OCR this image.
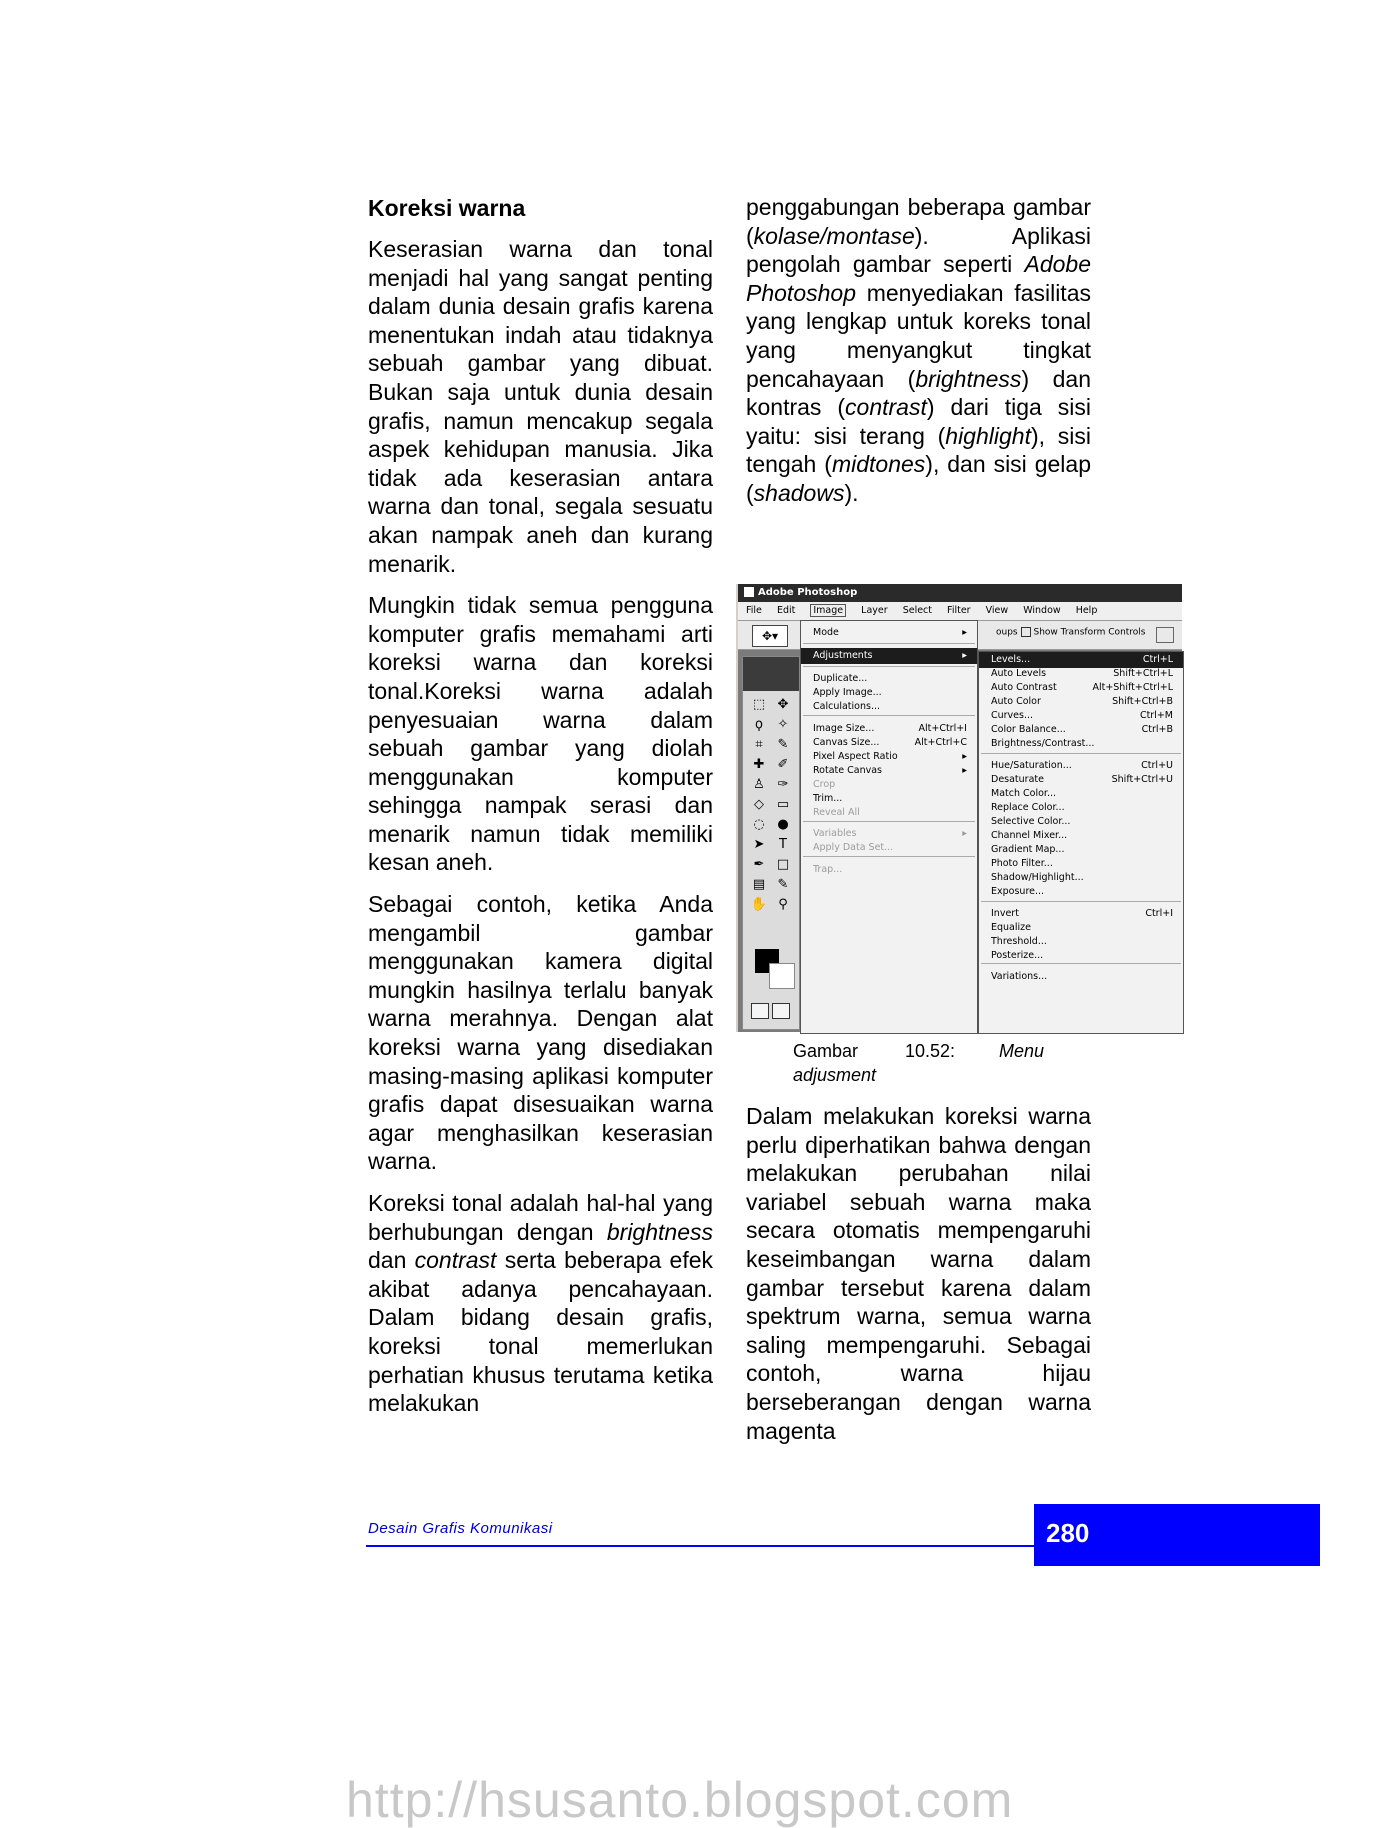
Koreksi warna

Keserasian warna dan tonal menjadi hal yang sangat penting dalam dunia desain grafis karena menentukan indah atau tidaknya sebuah gambar yang dibuat. Bukan saja untuk dunia desain grafis, namun mencakup segala aspek kehidupan manusia. Jika tidak ada keserasian antara warna dan tonal, segala sesuatu akan nampak aneh dan kurang menarik.

Mungkin tidak semua pengguna komputer grafis memahami arti koreksi warna dan koreksi tonal.Koreksi warna adalah penyesuaian warna dalam sebuah gambar yang diolah menggunakan komputer sehingga nampak serasi dan menarik namun tidak memiliki kesan aneh.

Sebagai contoh, ketika Anda mengambil gambar menggunakan kamera digital mungkin hasilnya terlalu banyak warna merahnya. Dengan alat koreksi warna yang disediakan masing-masing aplikasi komputer grafis dapat disesuaikan warna agar menghasilkan keserasian warna.

Koreksi tonal adalah hal-hal yang berhubungan dengan brightness dan contrast serta beberapa efek akibat adanya pencahayaan. Dalam bidang desain grafis, koreksi tonal memerlukan perhatian khusus terutama ketika melakukan

penggabungan beberapa gambar (kolase/montase). Aplikasi pengolah gambar seperti Adobe Photoshop menyediakan fasilitas yang lengkap untuk koreks tonal yang menyangkut tingkat pencahayaan (brightness) dan kontras (contrast) dari tiga sisi yaitu: sisi terang (highlight), sisi tengah (midtones), dan sisi gelap (shadows).

Adobe Photoshop
File Edit Image Layer Select Filter View Window Help
✥▾	oups Show Transform Controls
⬚ ✥
ϙ	✧
⌗	✎
✚	✐
♙ ✑
◇ ▭
◌ ●
➤	T
✒ □
▤ ✎
✋ ⚲
Mode	▸
Adjustments	▸
Duplicate...
Apply Image...
Calculations...
Image Size...	Alt+Ctrl+I
Canvas Size...	Alt+Ctrl+C
Pixel Aspect Ratio	▸
Rotate Canvas	▸
Crop
Trim...
Reveal All
Variables	▸
Apply Data Set...
Trap...
Levels...	Ctrl+L
Auto Levels	Shift+Ctrl+L
Auto Contrast	Alt+Shift+Ctrl+L
Auto Color	Shift+Ctrl+B
Curves...	Ctrl+M
Color Balance...	Ctrl+B
Brightness/Contrast...
Hue/Saturation...	Ctrl+U
Desaturate	Shift+Ctrl+U
Match Color...
Replace Color...
Selective Color...
Channel Mixer...
Gradient Map...
Photo Filter...
Shadow/Highlight...
Exposure...
Invert	Ctrl+I
Equalize
Threshold...
Posterize...
Variations...
Gambar	10.52: Menu
adjusment

Dalam melakukan koreksi warna perlu diperhatikan bahwa dengan melakukan perubahan nilai variabel sebuah warna maka secara otomatis mempengaruhi keseimbangan warna dalam gambar tersebut karena dalam spektrum warna, semua warna saling mempengaruhi. Sebagai contoh, warna hijau berseberangan dengan warna magenta

Desain Grafis Komunikasi	280
http://hsusanto.blogspot.com
